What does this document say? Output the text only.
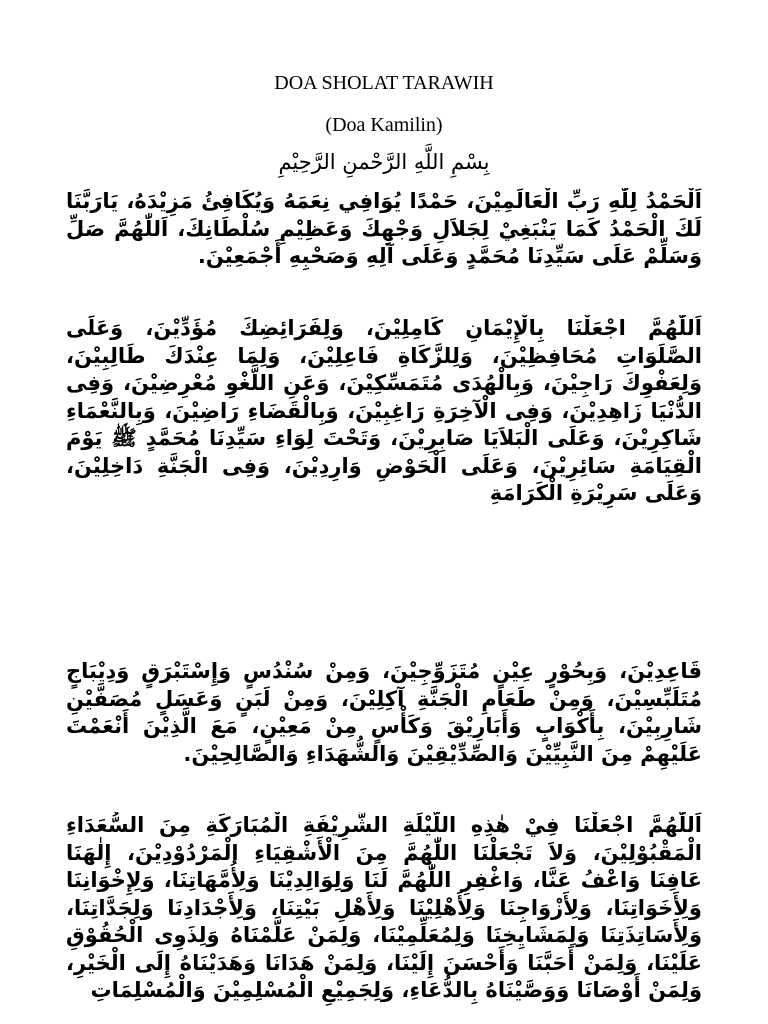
DOA SHOLAT TARAWIH
(Doa Kamilin)
بِسْمِ اللَّهِ الرَّحْمنِ الرَّحِيْمِ
اَلْحَمْدُ لِلّٰهِ رَبِّ الْعَالَمِيْنَ، حَمْدًا يُوَافِي نِعَمَهُ وَيُكَافِئُ مَزِيْدَهُ، يَارَبَّنَا لَكَ الْحَمْدُ كَمَا يَنْبَغِيْ لِجَلاَلِ وَجْهِكَ وَعَظِيْمِ سُلْطَانِكَ، اَللّٰهُمَّ صَلِّ وَسَلِّمْ عَلَى سَيِّدِنَا مُحَمَّدٍ وَعَلَى آلِهِ وَصَحْبِهِ أَجْمَعِيْنَ.
اَللّٰهُمَّ اجْعَلْنَا بِالْإِيْمَانِ كَامِلِيْنَ، وَلِفَرَائِضِكَ مُؤَدِّيْنَ، وَعَلَى الصَّلَوَاتِ مُحَافِظِيْنَ، وَلِلزَّكَاةِ فَاعِلِيْنَ، وَلِمَا عِنْدَكَ طَالِبِيْنَ، وَلِعَفْوِكَ رَاجِيْنَ، وَبِالْهُدَى مُتَمَسِّكِيْنَ، وَعَنِ اللَّغْوِ مُعْرِضِيْنَ، وَفِى الدُّنْيَا زَاهِدِيْنَ، وَفِى الْآخِرَةِ رَاغِبِيْنَ، وَبِالْقَضَاءِ رَاضِيْنَ، وَبِالنَّعْمَاءِ شَاكِرِيْنَ، وَعَلَى الْبَلاَيَا صَابِرِيْنَ، وَتَحْتَ لِوَاءِ سَيِّدِنَا مُحَمَّدٍ ﷺ يَوْمَ الْقِيَامَةِ سَائِرِيْنَ، وَعَلَى الْحَوْضِ وَارِدِيْنَ، وَفِى الْجَنَّةِ دَاخِلِيْنَ، وَعَلَى سَرِيْرَةِ الْكَرَامَةِ
قَاعِدِيْنَ، وَبِحُوْرٍ عِيْنٍ مُتَزَوِّجِيْنَ، وَمِنْ سُنْدُسٍ وَإِسْتَبْرَقٍ وَدِيْبَاجٍ مُتَلَبِّسِيْنَ، وَمِنْ طَعَامِ الْجَنَّةِ آكِلِيْنَ، وَمِنْ لَبَنٍ وَعَسَلٍ مُصَفَّيْنِ شَارِبِيْنَ، بِأَكْوَابٍ وَأَبَارِيْقَ وَكَأْسٍ مِنْ مَعِيْنٍ، مَعَ الَّذِيْنَ أَنْعَمْتَ عَلَيْهِمْ مِنَ النَّبِيِّيْنَ وَالصِّدِّيْقِيْنَ وَالشُّهَدَاءِ وَالصَّالِحِيْنَ.
اَللّٰهُمَّ اجْعَلْنَا فِيْ هٰذِهِ اللَّيْلَةِ الشَّرِيْفَةِ الْمُبَارَكَةِ مِنَ السُّعَدَاءِ الْمَقْبُوْلِيْنَ، وَلاَ تَجْعَلْنَا اللّٰهُمَّ مِنَ الْأَشْقِيَاءِ الْمَرْدُوْدِيْنَ، إِلٰهَنَا عَافِنَا وَاعْفُ عَنَّا، وَاغْفِرِ اللّٰهُمَّ لَنَا وَلِوَالِدِيْنَا وَلِأُمَّهَاتِنَا، وَلِإِخْوَانِنَا وَلِأَخَوَاتِنَا، وَلِأَزْوَاجِنَا وَلِأَهْلِيْنَا وَلِأَهْلِ بَيْتِنَا، وَلِأَجْدَادِنَا وَلِجَدَّاتِنَا، وَلِأَسَاتِذَتِنَا وَلِمَشَايِخِنَا وَلِمُعَلِّمِيْنَا، وَلِمَنْ عَلَّمْنَاهُ وَلِذَوِى الْحُقُوْقِ عَلَيْنَا، وَلِمَنْ أَحَبَّنَا وَأَحْسَنَ إِلَيْنَا، وَلِمَنْ هَدَانَا وَهَدَيْنَاهُ إِلَى الْخَيْرِ، وَلِمَنْ أَوْصَانَا وَوَصَّيْنَاهُ بِالدُّعَاءِ، وَلِجَمِيْعِ الْمُسْلِمِيْنَ وَالْمُسْلِمَاتِ
